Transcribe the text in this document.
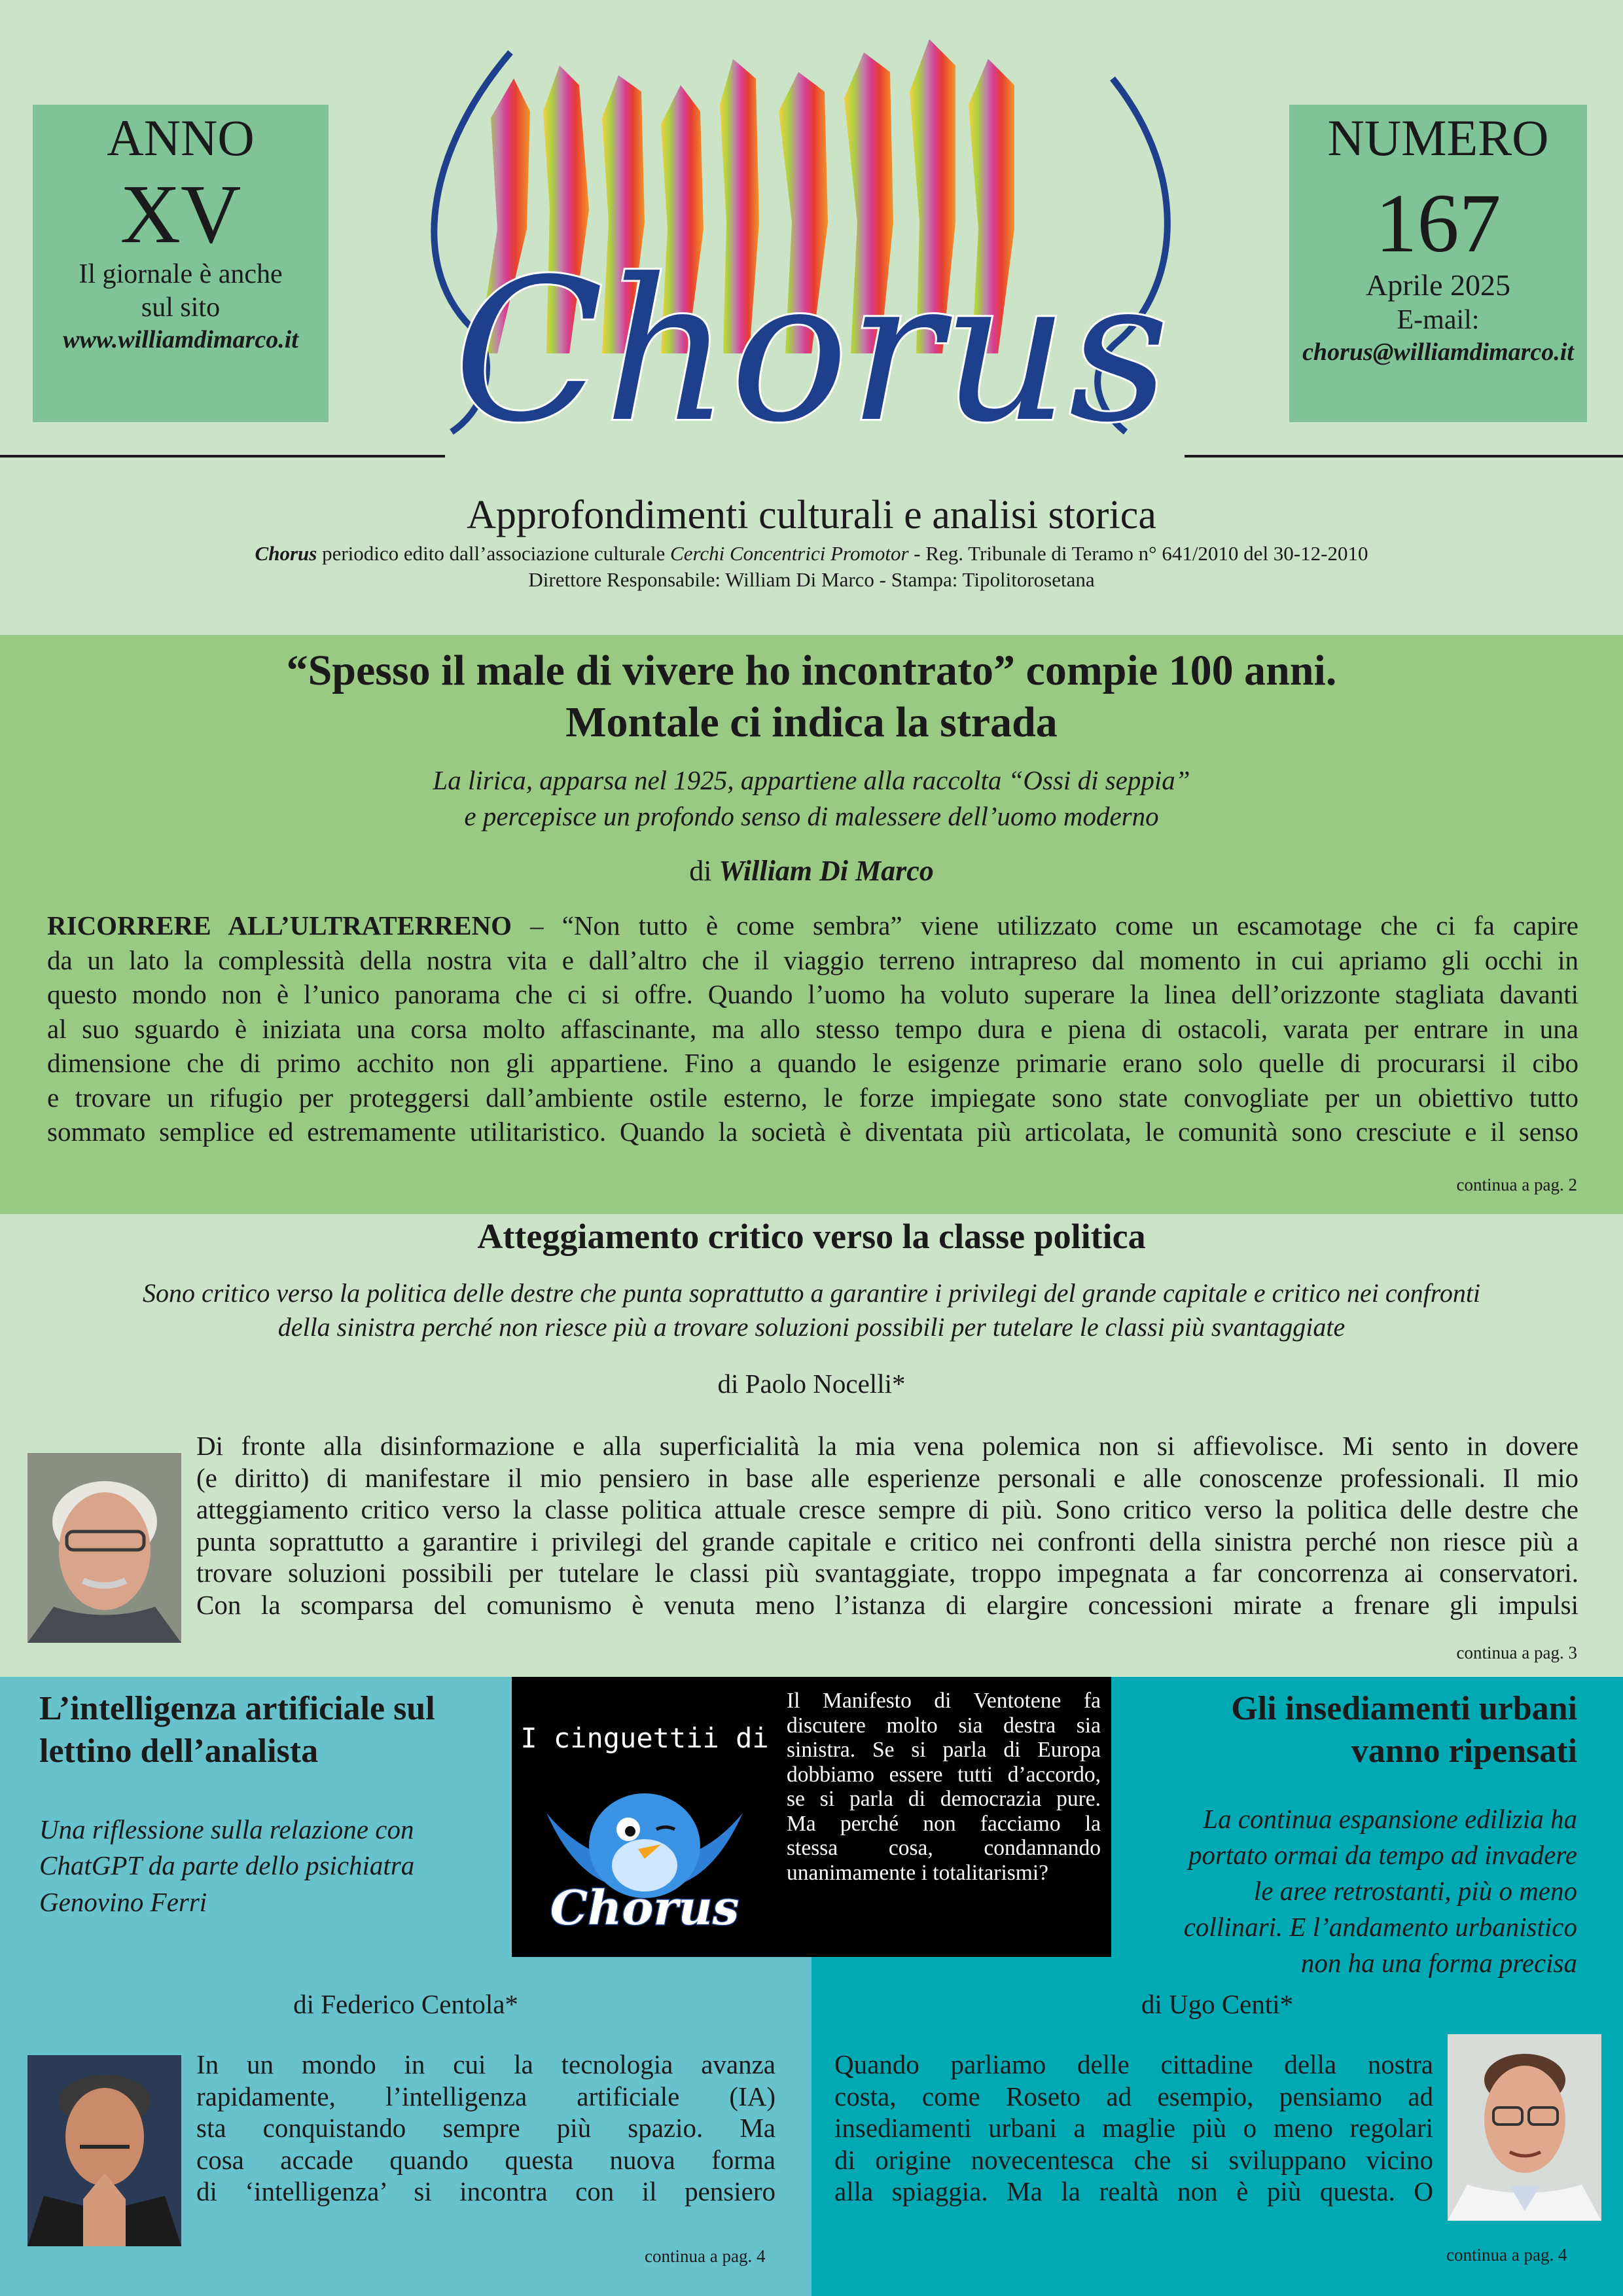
ANNO
XV
Il giornale è anche
sul sito
www.williamdimarco.it
NUMERO
167
Aprile 2025
E-mail:
chorus@williamdimarco.it
Chorus
Approfondimenti culturali e analisi storica
Chorus periodico edito dall’associazione culturale Cerchi Concentrici Promotor - Reg. Tribunale di Teramo n° 641/2010 del 30-12-2010
Direttore Responsabile: William Di Marco - Stampa: Tipolitorosetana
“Spesso il male di vivere ho incontrato” compie 100 anni.
Montale ci indica la strada
La lirica, apparsa nel 1925, appartiene alla raccolta “Ossi di seppia”
e percepisce un profondo senso di malessere dell’uomo moderno
di William Di Marco
RICORRERE ALL’ULTRATERRENO – “Non tutto è come sembra” viene utilizzato come un escamotage che ci fa capire
da un lato la complessità della nostra vita e dall’altro che il viaggio terreno intrapreso dal momento in cui apriamo gli occhi in
questo mondo non è l’unico panorama che ci si offre. Quando l’uomo ha voluto superare la linea dell’orizzonte stagliata davanti
al suo sguardo è iniziata una corsa molto affascinante, ma allo stesso tempo dura e piena di ostacoli, varata per entrare in una
dimensione che di primo acchito non gli appartiene. Fino a quando le esigenze primarie erano solo quelle di procurarsi il cibo
e trovare un rifugio per proteggersi dall’ambiente ostile esterno, le forze impiegate sono state convogliate per un obiettivo tutto
sommato semplice ed estremamente utilitaristico. Quando la società è diventata più articolata, le comunità sono cresciute e il senso
continua a pag. 2
Atteggiamento critico verso la classe politica
Sono critico verso la politica delle destre che punta soprattutto a garantire i privilegi del grande capitale e critico nei confronti
della sinistra perché non riesce più a trovare soluzioni possibili per tutelare le classi più svantaggiate
di Paolo Nocelli*
Di fronte alla disinformazione e alla superficialità la mia vena polemica non si affievolisce. Mi sento in dovere
(e diritto) di manifestare il mio pensiero in base alle esperienze personali e alle conoscenze professionali. Il mio
atteggiamento critico verso la classe politica attuale cresce sempre di più. Sono critico verso la politica delle destre che
punta soprattutto a garantire i privilegi del grande capitale e critico nei confronti della sinistra perché non riesce più a
trovare soluzioni possibili per tutelare le classi più svantaggiate, troppo impegnata a far concorrenza ai conservatori.
Con la scomparsa del comunismo è venuta meno l’istanza di elargire concessioni mirate a frenare gli impulsi
continua a pag. 3
I cinguettii di
Chorus
Il Manifesto di Ventotene fa
discutere molto sia destra sia
sinistra. Se si parla di Europa
dobbiamo essere tutti d’accordo,
se si parla di democrazia pure.
Ma perché non facciamo la
stessa cosa, condannando
unanimamente i totalitarismi?
L’intelligenza artificiale sul
lettino dell’analista
Una riflessione sulla relazione con
ChatGPT da parte dello psichiatra
Genovino Ferri
di Federico Centola*
In un mondo in cui la tecnologia avanza
rapidamente, l’intelligenza artificiale (IA)
sta conquistando sempre più spazio. Ma
cosa accade quando questa nuova forma
di ‘intelligenza’ si incontra con il pensiero
continua a pag. 4
Gli insediamenti urbani
vanno ripensati
La continua espansione edilizia ha
portato ormai da tempo ad invadere
le aree retrostanti, più o meno
collinari. E l’andamento urbanistico
non ha una forma precisa
di Ugo Centi*
Quando parliamo delle cittadine della nostra
costa, come Roseto ad esempio, pensiamo ad
insediamenti urbani a maglie più o meno regolari
di origine novecentesca che si sviluppano vicino
alla spiaggia. Ma la realtà non è più questa. O
continua a pag. 4
